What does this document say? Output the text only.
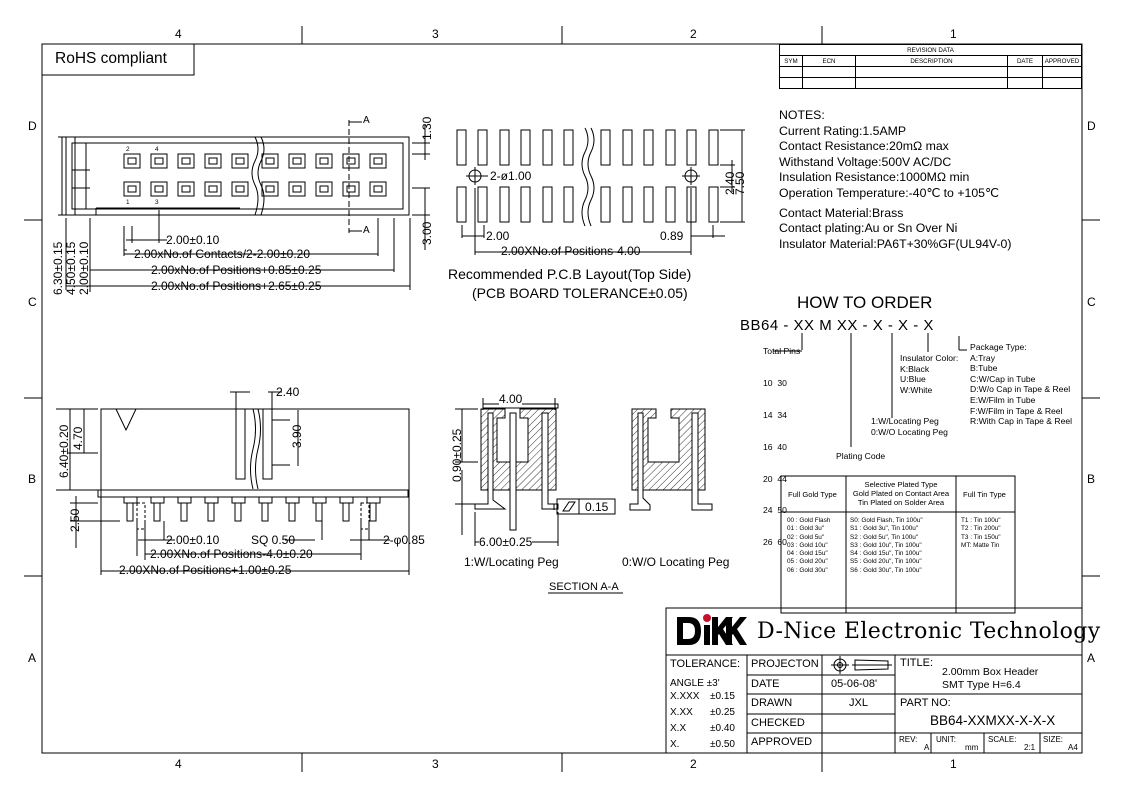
4	3	2	1
4	3	2	1
D
C
B
A
D
C
B
A
RoHS compliant	REVISION DATA				
SYM	ECN	DESCRIPTION	DATE	APPROVED

NOTES:
Current Rating:1.5AMP
Contact Resistance:20mΩ max
Withstand Voltage:500V AC/DC
Insulation Resistance:1000MΩ min
Operation Temperature:-40℃ to +105℃
Contact Material:Brass
Contact plating:Au or Sn Over Ni
Insulator Material:PA6T+30%GF(UL94V-0)
A
A
2	4
1	3
1.30
3.00
2.00±0.10
2.00xNo.of Contacts/2-2.00±0.20
2.00xNo.of Positions+0.85±0.25
2.00xNo.of Positions+2.65±0.25
6.30±0.15 4.50±0.15 2.00±0.10
2-ø1.00
2.00	0.89
2.00XNo.of Positions-4.00
2.40
7.50
Recommended P.C.B Layout(Top Side)
(PCB BOARD TOLERANCE±0.05)
2.40
3.90
6.40±0.20 4.70
2.50
2.00±0.10	SQ 0.50	2-φ0.85
2.00XNo.of Positions-4.0±0.20
2.00XNo.of Positions+1.00±0.25
4.00
0.90±0.25
6.00±0.25
0.15
1:W/Locating Peg	0:W/O Locating Peg
SECTION A-A
HOW TO ORDER
BB64 - XX M XX - X - X - X
Total Pins

10  30

14  34

16  40

20  44

24  50

26  60

1:W/Locating Peg
0:W/O Locating Peg
Insulator Color:
K:Black
U:Blue
W:White
Package Type:
A:Tray
B:Tube
C:W/Cap in Tube
D:W/o Cap in Tape & Reel
E:W/Film in Tube
F:W/Film in Tape & Reel
R:With Cap in Tape & Reel
Plating Code
Full Gold Type
Selective Plated Type
Gold Plated on Contact Area
Tin Plated on Solder Area
Full Tin Type
00 : Gold Flash
01 : Gold 3u"
02 : Gold 5u"
03 : Gold 10u"
04 : Gold 15u"
05 : Gold 20u"
06 : Gold 30u"
S0: Gold Flash, Tin 100u"
S1 : Gold 3u", Tin 100u"
S2 : Gold 5u", Tin 100u"
S3 : Gold 10u", Tin 100u"
S4 : Gold 15u", Tin 100u"
S5 : Gold 20u", Tin 100u"
S6 : Gold 30u", Tin 100u"
T1 : Tin 100u"
T2 : Tin 200u"
T3 : Tin 150u"
MT: Matte Tin
D-Nice Electronic Technology
TOLERANCE:
ANGLE ±3'
X.XXX ±0.15
X.XX ±0.25
X.X ±0.40
X.	±0.50
PROJECTON
DATE	05-06-08'
DRAWN	JXL
CHECKED
APPROVED
TITLE:
2.00mm Box Header
SMT Type H=6.4
PART NO:
BB64-XXMXX-X-X-X
REV:
A
UNIT:
mm
SCALE:
2:1
SIZE:
A4
